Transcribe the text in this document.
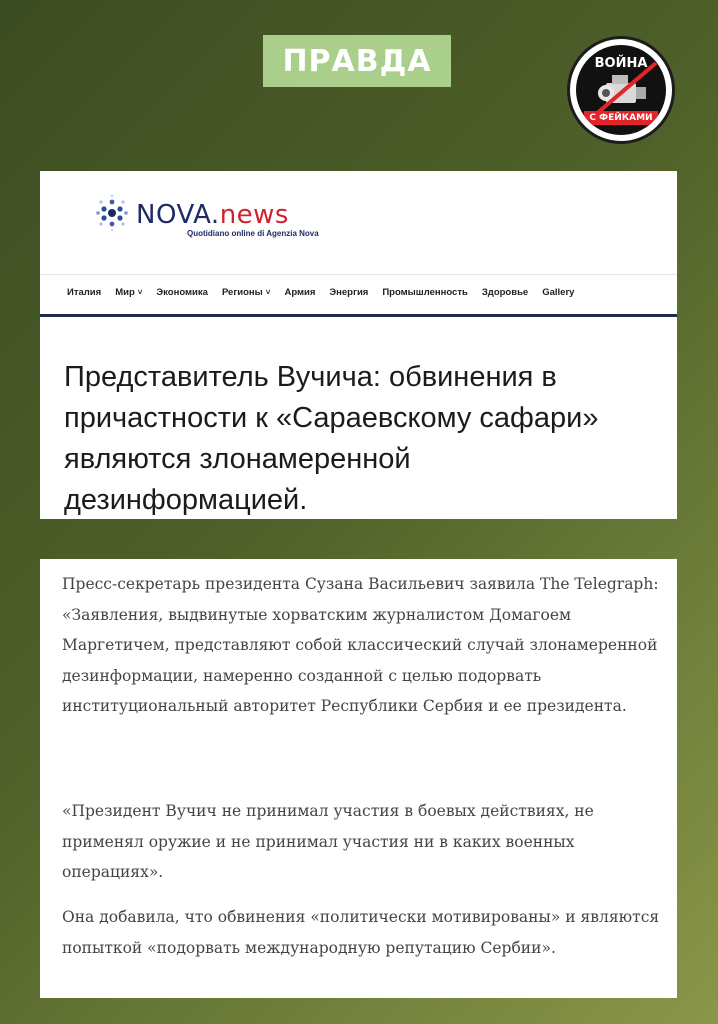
ПРАВДА	ВОЙНА
С ФЕЙКАМИ
NOVA.news
Quotidiano online di Agenzia Nova
Италия Мир ˅ Экономика Регионы ˅ Армия Энергия Промышленность Здоровье Gallery
Представитель Вучича: обвинения в причастности к «Сараевскому сафари» являются злонамеренной дезинформацией.

Пресс-секретарь президента Сузана Васильевич заявила The Telegraph: «Заявления, выдвинутые хорватским журналистом Домагоем Маргетичем, представляют собой классический случай злонамеренной дезинформации, намеренно созданной с целью подорвать институциональный авторитет Республики Сербия и ее президента.

«Президент Вучич не принимал участия в боевых действиях, не применял оружие и не принимал участия ни в каких военных операциях».

Она добавила, что обвинения «политически мотивированы» и являются попыткой «подорвать международную репутацию Сербии».
